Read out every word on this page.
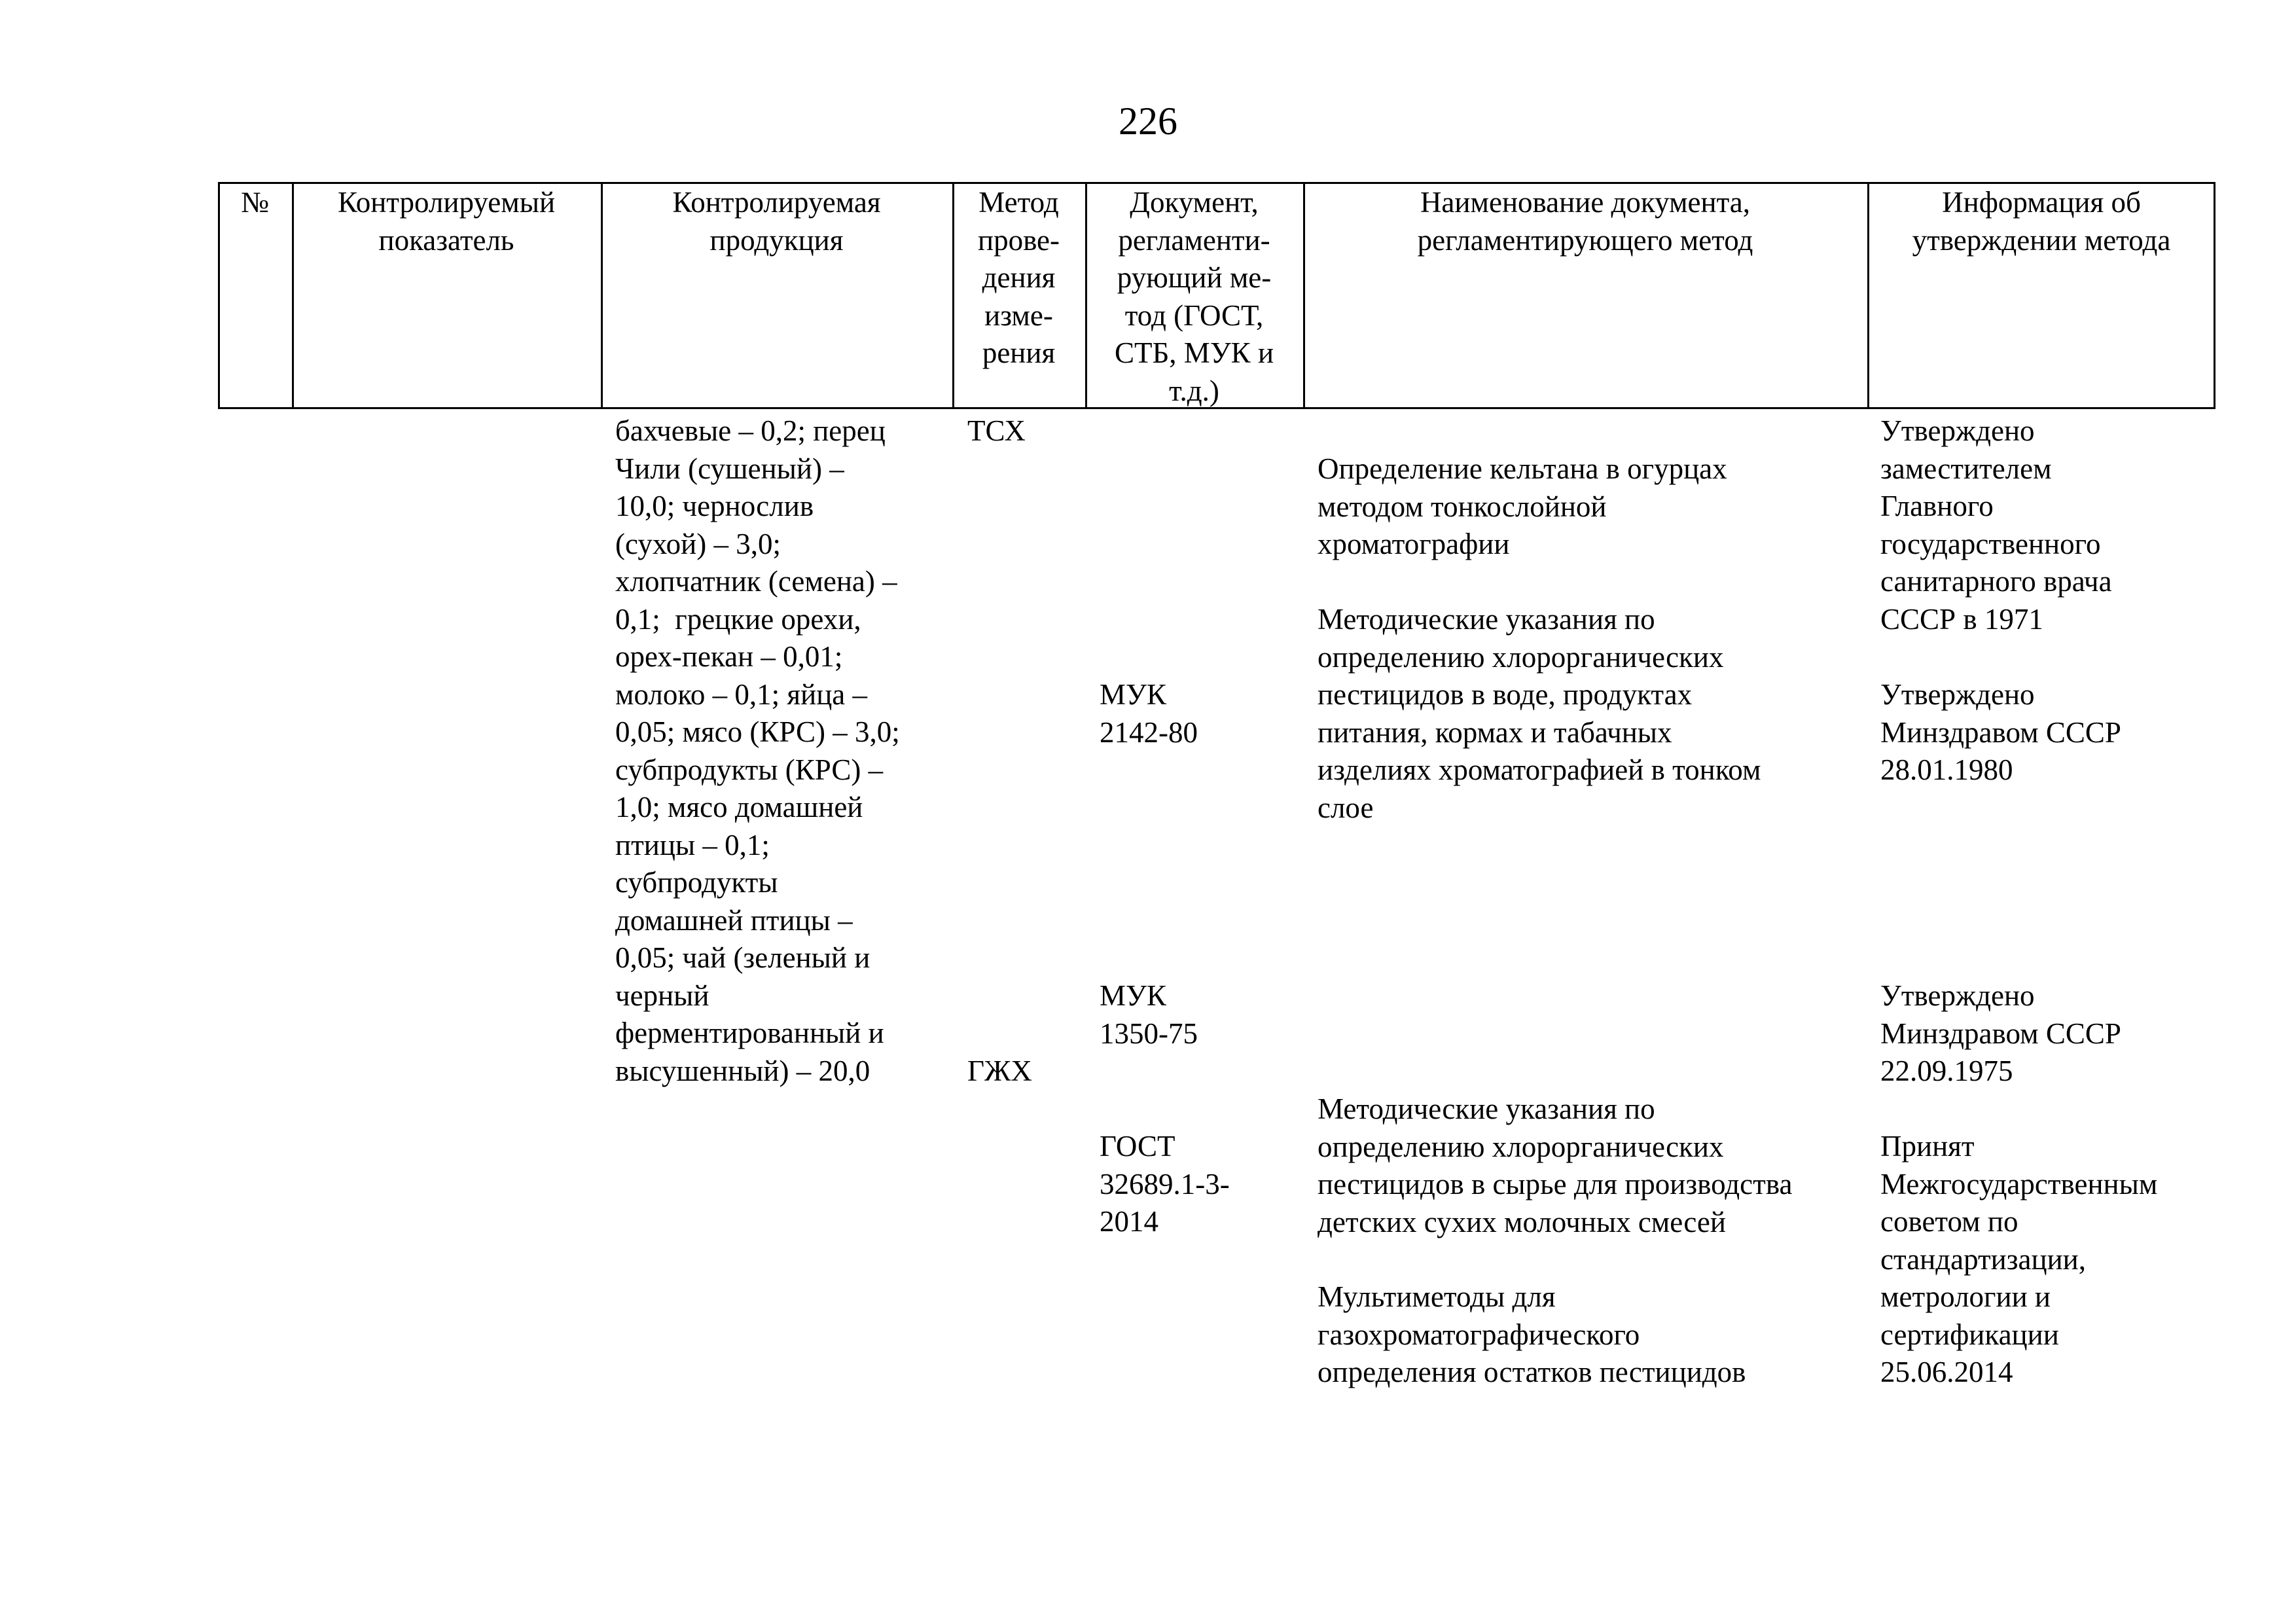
226
№	Контролируемый
показатель
Контролируемая
продукция
Метод
прове-
дения
изме-
рения
Документ,
регламенти-
рующий ме-
тод (ГОСТ,
СТБ, МУК и
т.д.)
Наименование документа,
регламентирующего метод
Информация об
утверждении метода
бахчевые – 0,2; перец
Чили (сушеный) –
10,0; чернослив
(сухой) – 3,0;
хлопчатник (семена) –
0,1;  грецкие орехи,
орех-пекан – 0,01;
молоко – 0,1; яйца –
0,05; мясо (КРС) – 3,0;
субпродукты (КРС) –
1,0; мясо домашней
птицы – 0,1;
субпродукты
домашней птицы –
0,05; чай (зеленый и
черный
ферментированный и
высушенный) – 20,0
ТСХ
ГЖХ
МУК
2142-80
МУК
1350-75
ГОСТ
32689.1-3-
2014
Определение кельтана в огурцах
методом тонкослойной
хроматографии
Методические указания по
определению хлорорганических
пестицидов в воде, продуктах
питания, кормах и табачных
изделиях хроматографией в тонком
слое
Методические указания по
определению хлорорганических
пестицидов в сырье для производства
детских сухих молочных смесей
Мультиметоды для
газохроматографического
определения остатков пестицидов
Утверждено
заместителем
Главного
государственного
санитарного врача
СССР в 1971
Утверждено
Минздравом СССР
28.01.1980
Утверждено
Минздравом СССР
22.09.1975
Принят
Межгосударственным
советом по
стандартизации,
метрологии и
сертификации
25.06.2014
